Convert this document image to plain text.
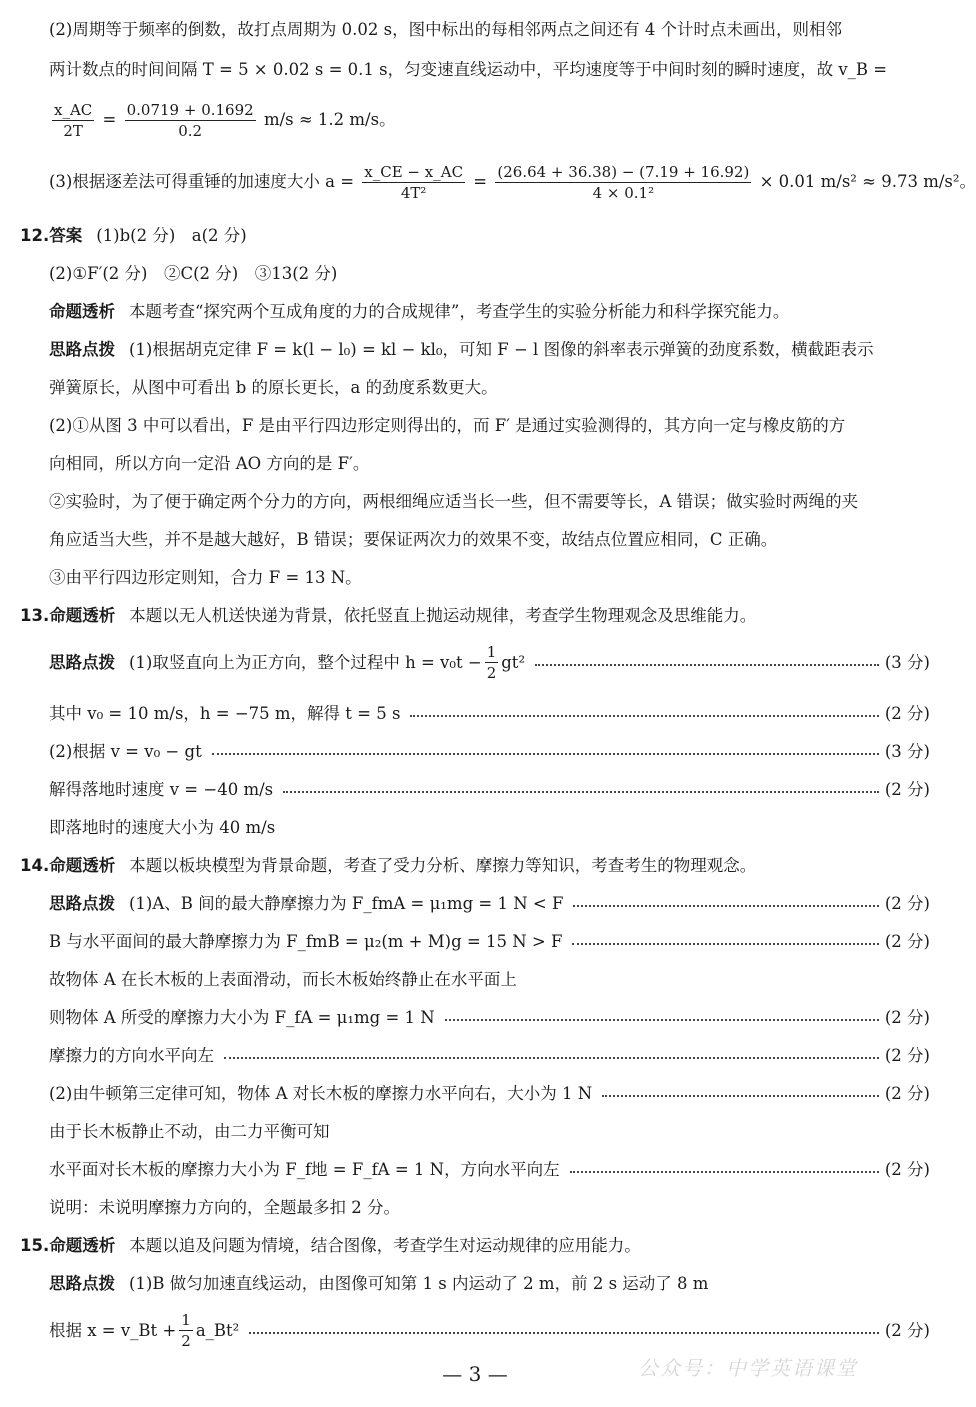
(2)周期等于频率的倒数，故打点周期为 0.02 s，图中标出的每相邻两点之间还有 4 个计时点未画出，则相邻
两计数点的时间间隔 T = 5 × 0.02 s = 0.1 s，匀变速直线运动中，平均速度等于中间时刻的瞬时速度，故 v_B =
$\frac{x\_AC}{2T} = \frac{0.0719 + 0.1692}{0.2} m/s \approx 1.2$ m/s。
(3)根据逐差法可得重锤的加速度大小 $a = \frac{x\_CE - x\_AC}{\text{4T²}} = \frac{(26.64 + 36.38) - (7.19 + 16.92)}{\text{4 × 0.1²}} \times 0.01$ m/s² ≈ 9.73 m/s²。
12.答案 (1)b(2 分)　a(2 分)
(2)①F′(2 分)　②C(2 分)　③13(2 分)
命题透析 本题考查“探究两个互成角度的力的合成规律”，考查学生的实验分析能力和科学探究能力。
思路点拨 (1)根据胡克定律 F = k(l − l₀) = kl − kl₀，可知 F − l 图像的斜率表示弹簧的劲度系数，横截距表示
弹簧原长，从图中可看出 b 的原长更长，a 的劲度系数更大。
(2)①从图 3 中可以看出，F 是由平行四边形定则得出的，而 F′ 是通过实验测得的，其方向一定与橡皮筋的方
向相同，所以方向一定沿 AO 方向的是 F′。
②实验时，为了便于确定两个分力的方向，两根细绳应适当长一些，但不需要等长，A 错误；做实验时两绳的夹
角应适当大些，并不是越大越好，B 错误；要保证两次力的效果不变，故结点位置应相同，C 正确。
③由平行四边形定则知，合力 F = 13 N。
13.命题透析 本题以无人机送快递为背景，依托竖直上抛运动规律，考查学生物理观念及思维能力。
思路点拨 (1)取竖直向上为正方向，整个过程中 $h = v_0t - \frac{1}{2} gt^2$	(3 分)
其中 v₀ = 10 m/s，h = −75 m，解得 t = 5 s	(2 分)
(2)根据 v = v₀ − gt	(3 分)
解得落地时速度 v = −40 m/s	(2 分)
即落地时的速度大小为 40 m/s
14.命题透析 本题以板块模型为背景命题，考查了受力分析、摩擦力等知识，考查考生的物理观念。
思路点拨 (1)A、B 间的最大静摩擦力为 F_fmA = μ₁mg = 1 N < F	(2 分)
B 与水平面间的最大静摩擦力为 F_fmB = μ₂(m + M)g = 15 N > F	(2 分)
故物体 A 在长木板的上表面滑动，而长木板始终静止在水平面上
则物体 A 所受的摩擦力大小为 F_fA = μ₁mg = 1 N	(2 分)
摩擦力的方向水平向左	(2 分)
(2)由牛顿第三定律可知，物体 A 对长木板的摩擦力水平向右，大小为 1 N	(2 分)
由于长木板静止不动，由二力平衡可知
水平面对长木板的摩擦力大小为 F_f地 = F_fA = 1 N，方向水平向左	(2 分)
说明：未说明摩擦力方向的，全题最多扣 2 分。
15.命题透析 本题以追及问题为情境，结合图像，考查学生对运动规律的应用能力。
思路点拨 (1)B 做匀加速直线运动，由图像可知第 1 s 内运动了 2 m，前 2 s 运动了 8 m
根据 x = v_Bt + $\frac{1}{2}$ a_Bt²	(2 分)
— 3 —	公众号：中学英语课堂
